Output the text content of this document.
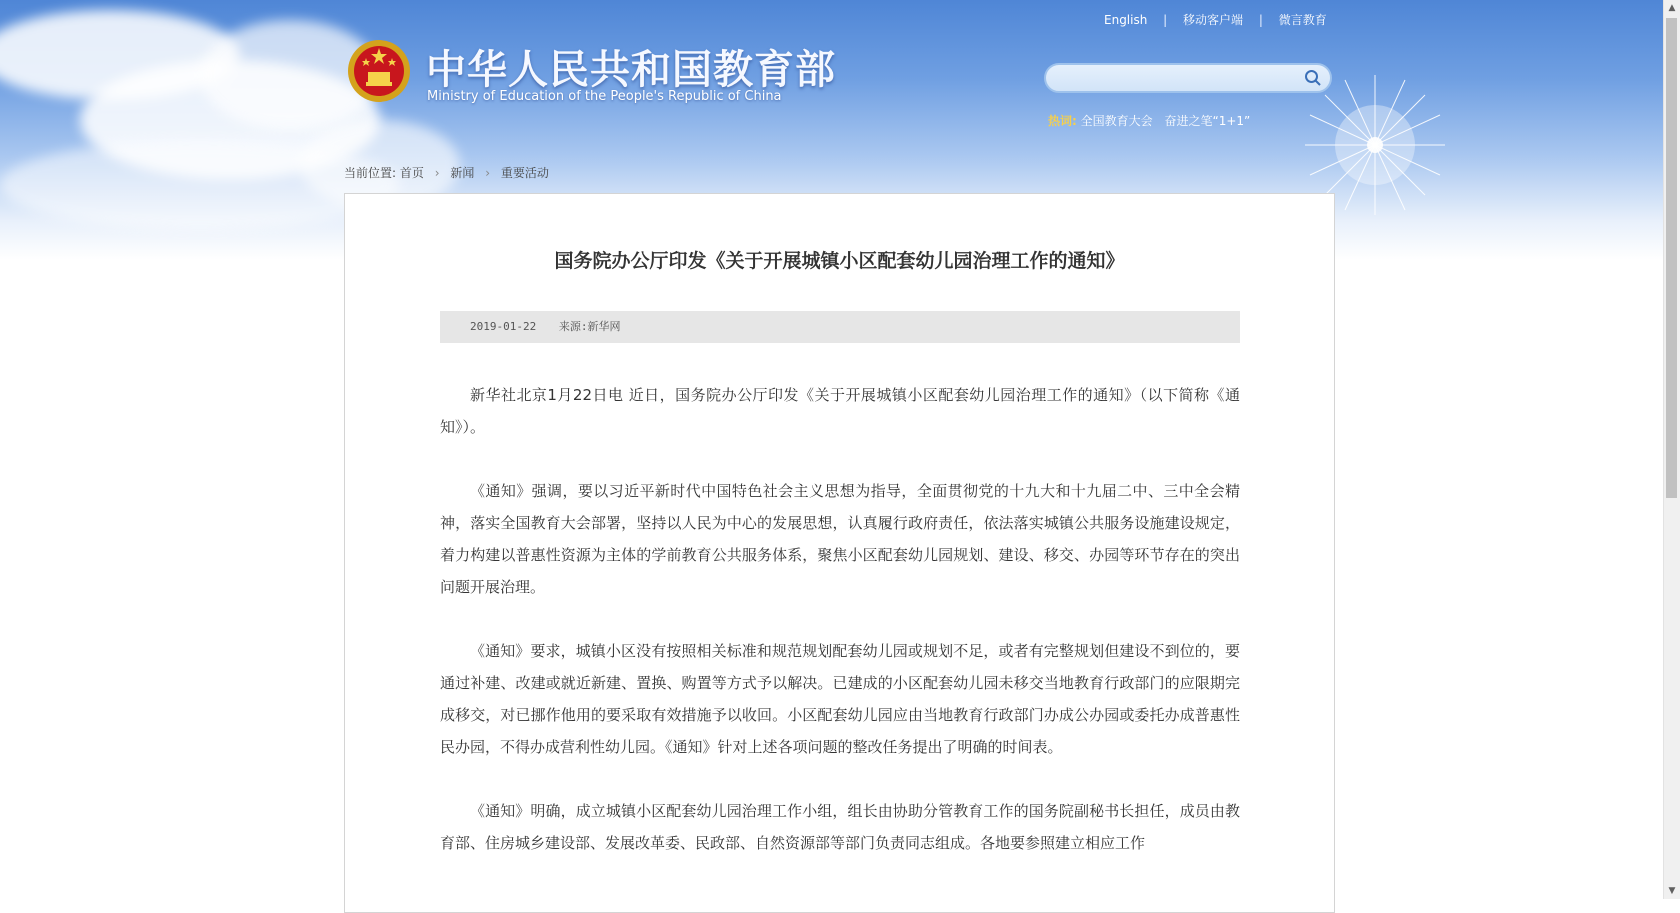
English | 移动客户端 | 微言教育
中华人民共和国教育部
Ministry of Education of the People's Republic of China
热词: 全国教育大会 奋进之笔“1+1”
当前位置: 首页 › 新闻 › 重要活动
国务院办公厅印发《关于开展城镇小区配套幼儿园治理工作的通知》
2019-01-22 来源:新华网

新华社北京1月22日电 近日，国务院办公厅印发《关于开展城镇小区配套幼儿园治理工作的通知》（以下简称《通知》）。

《通知》强调，要以习近平新时代中国特色社会主义思想为指导，全面贯彻党的十九大和十九届二中、三中全会精神，落实全国教育大会部署，坚持以人民为中心的发展思想，认真履行政府责任，依法落实城镇公共服务设施建设规定，着力构建以普惠性资源为主体的学前教育公共服务体系，聚焦小区配套幼儿园规划、建设、移交、办园等环节存在的突出问题开展治理。

《通知》要求，城镇小区没有按照相关标准和规范规划配套幼儿园或规划不足，或者有完整规划但建设不到位的，要通过补建、改建或就近新建、置换、购置等方式予以解决。已建成的小区配套幼儿园未移交当地教育行政部门的应限期完成移交，对已挪作他用的要采取有效措施予以收回。小区配套幼儿园应由当地教育行政部门办成公办园或委托办成普惠性民办园，不得办成营利性幼儿园。《通知》针对上述各项问题的整改任务提出了明确的时间表。

《通知》明确，成立城镇小区配套幼儿园治理工作小组，组长由协助分管教育工作的国务院副秘书长担任，成员由教育部、住房城乡建设部、发展改革委、民政部、自然资源部等部门负责同志组成。各地要参照建立相应工作

▲
▼
